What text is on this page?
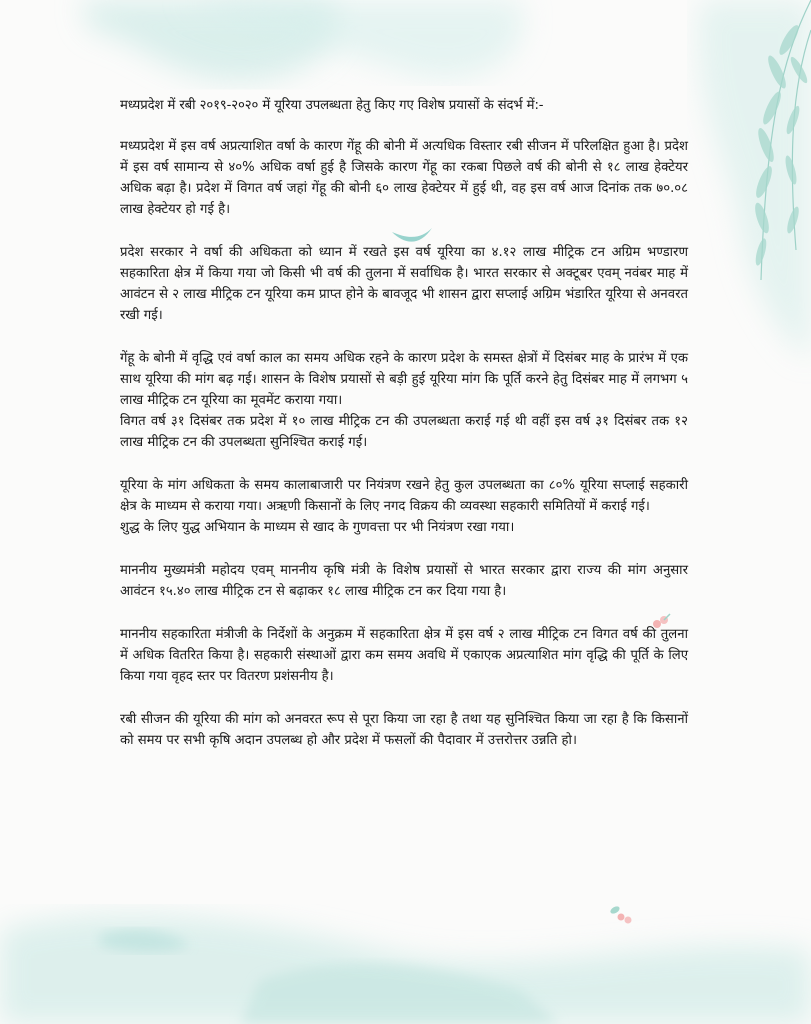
मध्यप्रदेश में रबी २०१९-२०२० में यूरिया उपलब्धता हेतु किए गए विशेष प्रयासों के संदर्भ में:-
मध्यप्रदेश में इस वर्ष अप्रत्याशित वर्षा के कारण गेंहू की बोनी में अत्यधिक विस्तार रबी सीजन में परिलक्षित हुआ है। प्रदेश में इस वर्ष सामान्य से ४०% अधिक वर्षा हुई है जिसके कारण गेंहू का रकबा पिछले वर्ष की बोनी से १८ लाख हेक्टेयर अधिक बढ़ा है। प्रदेश में विगत वर्ष जहां गेंहू की बोनी ६० लाख हेक्टेयर में हुई थी, वह इस वर्ष आज दिनांक तक ७०.०८ लाख हेक्टेयर हो गई है।
प्रदेश सरकार ने वर्षा की अधिकता को ध्यान में रखते इस वर्ष यूरिया का ४.१२ लाख मीट्रिक टन अग्रिम भण्डारण सहकारिता क्षेत्र में किया गया जो किसी भी वर्ष की तुलना में सर्वाधिक है। भारत सरकार से अक्टूबर एवम् नवंबर माह में आवंटन से २ लाख मीट्रिक टन यूरिया कम प्राप्त होने के बावजूद भी शासन द्वारा सप्लाई अग्रिम भंडारित यूरिया से अनवरत रखी गई।
गेंहू के बोनी में वृद्धि एवं वर्षा काल का समय अधिक रहने के कारण प्रदेश के समस्त क्षेत्रों में दिसंबर माह के प्रारंभ में एक साथ यूरिया की मांग बढ़ गई। शासन के विशेष प्रयासों से बड़ी हुई यूरिया मांग कि पूर्ति करने हेतु दिसंबर माह में लगभग ५ लाख मीट्रिक टन यूरिया का मूवमेंट कराया गया।
विगत वर्ष ३१ दिसंबर तक प्रदेश में १० लाख मीट्रिक टन की उपलब्धता कराई गई थी वहीं इस वर्ष ३१ दिसंबर तक १२ लाख मीट्रिक टन की उपलब्धता सुनिश्चित कराई गई।
यूरिया के मांग अधिकता के समय कालाबाजारी पर नियंत्रण रखने हेतु कुल उपलब्धता का ८०% यूरिया सप्लाई सहकारी क्षेत्र के माध्यम से कराया गया। अऋणी किसानों के लिए नगद विक्रय की व्यवस्था सहकारी समितियों में कराई गई।
शुद्ध के लिए युद्ध अभियान के माध्यम से खाद के गुणवत्ता पर भी नियंत्रण रखा गया।
माननीय मुख्यमंत्री महोदय एवम् माननीय कृषि मंत्री के विशेष प्रयासों से भारत सरकार द्वारा राज्य की मांग अनुसार आवंटन १५.४० लाख मीट्रिक टन से बढ़ाकर १८ लाख मीट्रिक टन कर दिया गया है।
माननीय सहकारिता मंत्रीजी के निर्देशों के अनुक्रम में सहकारिता क्षेत्र में इस वर्ष २ लाख मीट्रिक टन विगत वर्ष की तुलना में अधिक वितरित किया है। सहकारी संस्थाओं द्वारा कम समय अवधि में एकाएक अप्रत्याशित मांग वृद्धि की पूर्ति के लिए किया गया वृहद स्तर पर वितरण प्रशंसनीय है।
रबी सीजन की यूरिया की मांग को अनवरत रूप से पूरा किया जा रहा है तथा यह सुनिश्चित किया जा रहा है कि किसानों को समय पर सभी कृषि अदान उपलब्ध हो और प्रदेश में फसलों की पैदावार में उत्तरोत्तर उन्नति हो।
